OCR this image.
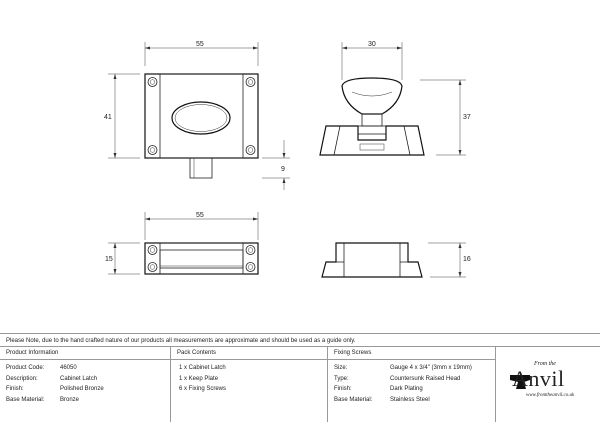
55
41
9
30
37
55
15	16
Please Note, due to the hand crafted nature of our products all measurements are approximate and should be used as a guide only.
Product Information
Product Code:	46050
Description:	Cabinet Latch
Finish:	Polished Bronze
Base Material:	Bronze
Pack Contents
1 x Cabinet Latch
1 x Keep Plate
6 x Fixing Screws
Fixing Screws
Size:	Gauge 4 x 3/4" (3mm x 19mm)
Type:	Countersunk Raised Head
Finish:	Dark Plating
Base Material:	Stainless Steel
From the
Anvil
www.fromtheanvil.co.uk
